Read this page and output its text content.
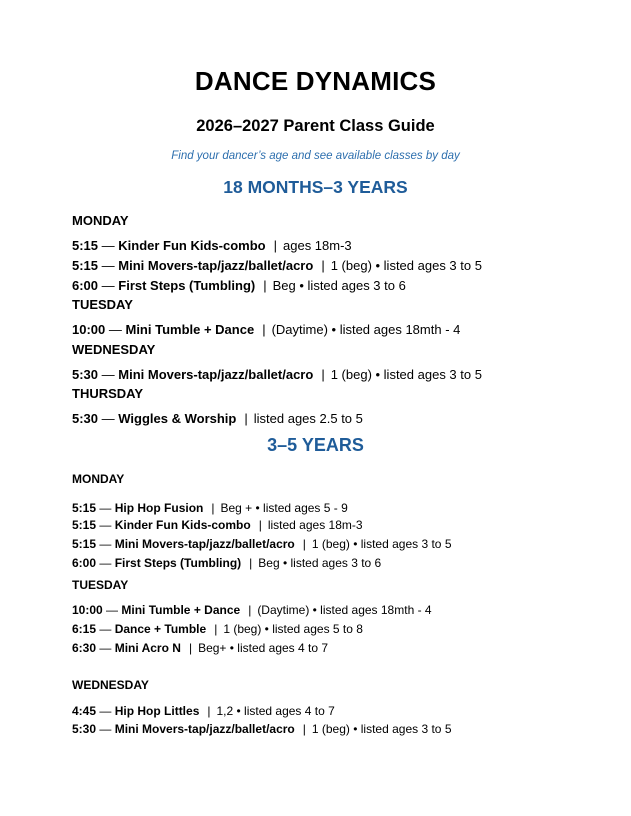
DANCE DYNAMICS
2026–2027 Parent Class Guide
Find your dancer’s age and see available classes by day
18 MONTHS–3 YEARS
MONDAY
5:15 — Kinder Fun Kids-combo | ages 18m-3
5:15 — Mini Movers-tap/jazz/ballet/acro | 1 (beg) • listed ages 3 to 5
6:00 — First Steps (Tumbling) | Beg • listed ages 3 to 6
TUESDAY
10:00 — Mini Tumble + Dance | (Daytime) • listed ages 18mth - 4
WEDNESDAY
5:30 — Mini Movers-tap/jazz/ballet/acro | 1 (beg) • listed ages 3 to 5
THURSDAY
5:30 — Wiggles & Worship | listed ages 2.5 to 5
3–5 YEARS
MONDAY
5:15 — Hip Hop Fusion | Beg + • listed ages 5 - 9
5:15 — Kinder Fun Kids-combo | listed ages 18m-3
5:15 — Mini Movers-tap/jazz/ballet/acro | 1 (beg) • listed ages 3 to 5
6:00 — First Steps (Tumbling) | Beg • listed ages 3 to 6
TUESDAY
10:00 — Mini Tumble + Dance | (Daytime) • listed ages 18mth - 4
6:15 — Dance + Tumble | 1 (beg) • listed ages 5 to 8
6:30 — Mini Acro N | Beg+ • listed ages 4 to 7
WEDNESDAY
4:45 — Hip Hop Littles | 1,2 • listed ages 4 to 7
5:30 — Mini Movers-tap/jazz/ballet/acro | 1 (beg) • listed ages 3 to 5
